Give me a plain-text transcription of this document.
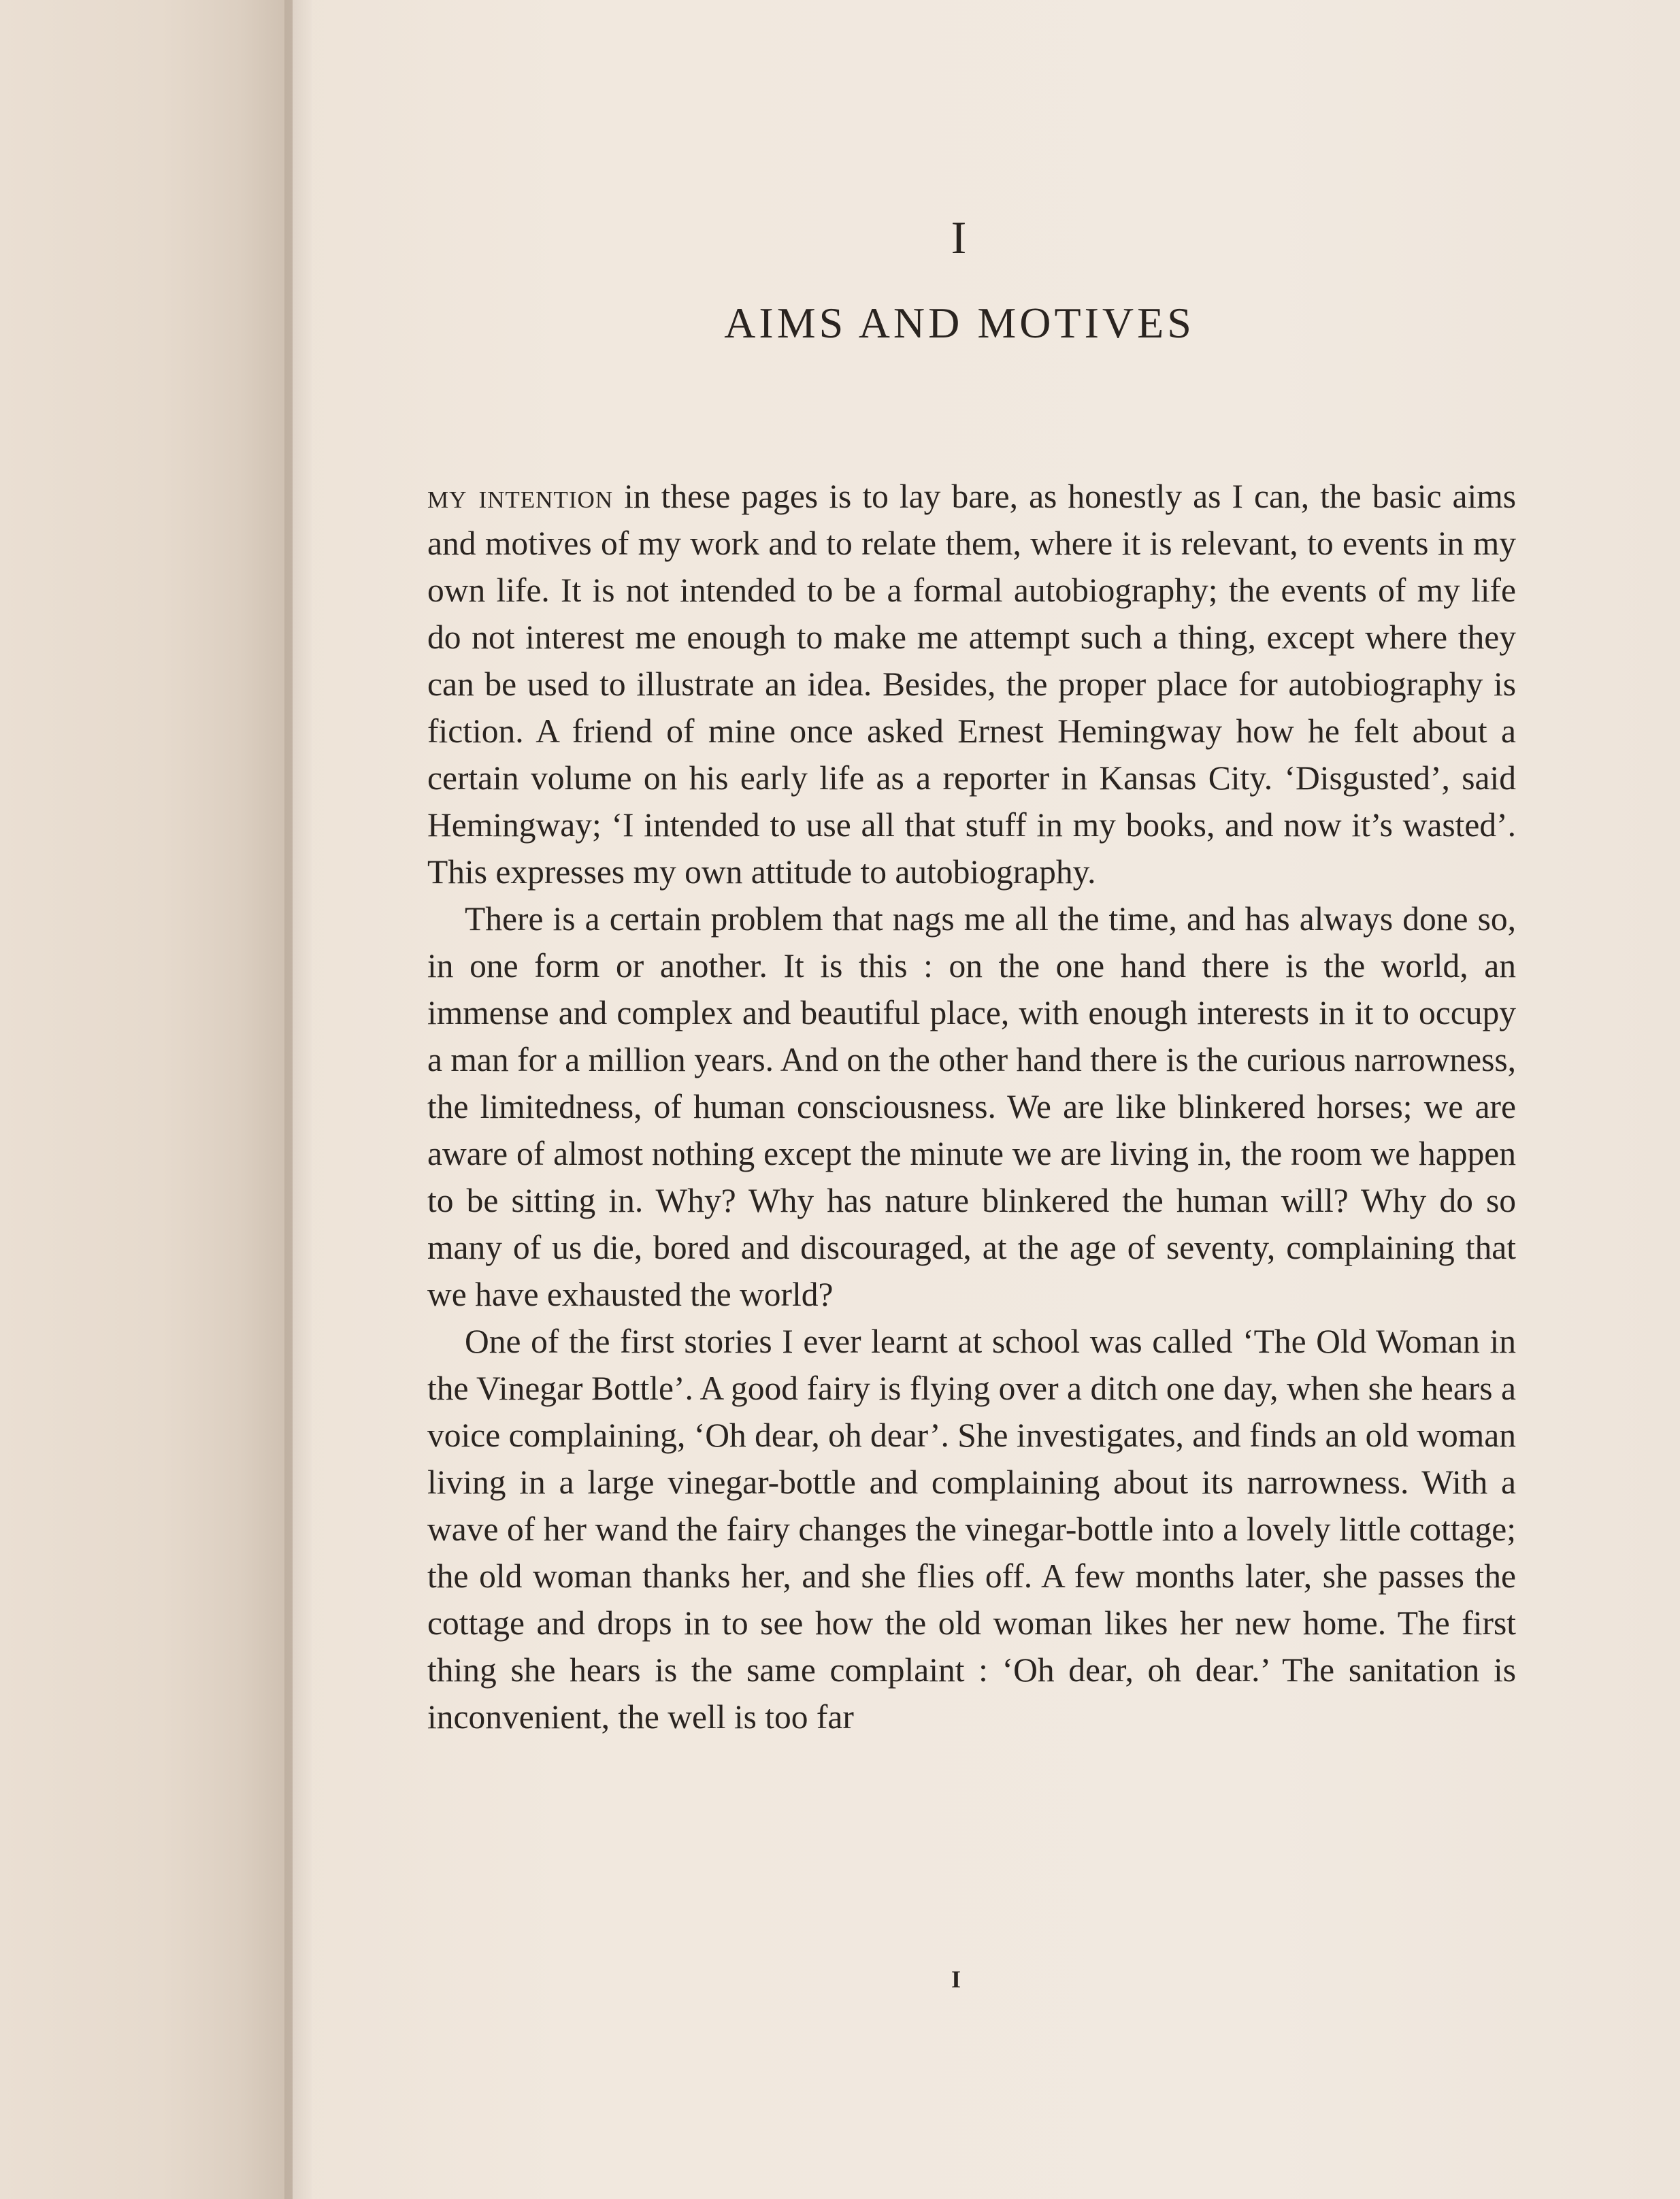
I
AIMS AND MOTIVES

my intention in these pages is to lay bare, as honestly as I can, the basic aims and motives of my work and to relate them, where it is relevant, to events in my own life. It is not intended to be a formal autobiography; the events of my life do not interest me enough to make me attempt such a thing, except where they can be used to illustrate an idea. Besides, the proper place for autobiography is fiction. A friend of mine once asked Ernest Hemingway how he felt about a certain volume on his early life as a reporter in Kansas City. ‘Disgusted’, said Hemingway; ‘I intended to use all that stuff in my books, and now it’s wasted’. This expresses my own attitude to autobiography.

There is a certain problem that nags me all the time, and has always done so, in one form or another. It is this : on the one hand there is the world, an immense and complex and beautiful place, with enough interests in it to occupy a man for a million years. And on the other hand there is the curious narrowness, the limitedness, of human consciousness. We are like blinkered horses; we are aware of almost nothing except the minute we are living in, the room we happen to be sitting in. Why? Why has nature blinkered the human will? Why do so many of us die, bored and discouraged, at the age of seventy, complaining that we have exhausted the world?

One of the first stories I ever learnt at school was called ‘The Old Woman in the Vinegar Bottle’. A good fairy is flying over a ditch one day, when she hears a voice complaining, ‘Oh dear, oh dear’. She investigates, and finds an old woman living in a large vinegar-bottle and complaining about its narrowness. With a wave of her wand the fairy changes the vinegar-bottle into a lovely little cottage; the old woman thanks her, and she flies off. A few months later, she passes the cottage and drops in to see how the old woman likes her new home. The first thing she hears is the same complaint : ‘Oh dear, oh dear.’ The sanitation is inconvenient, the well is too far

I
